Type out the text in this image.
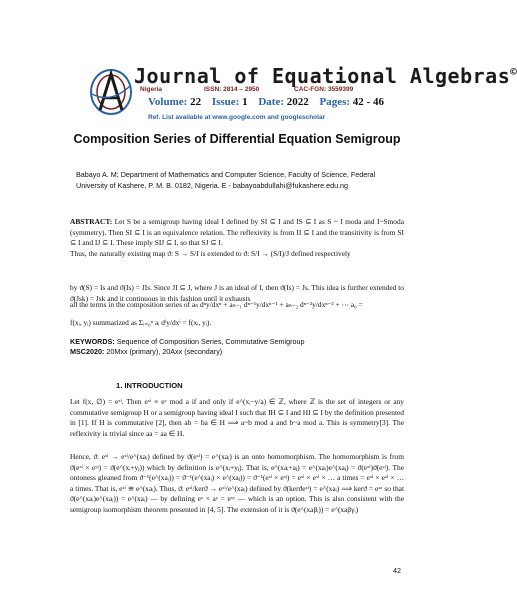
Journal of Equational Algebras©
Nigeria	ISSN: 2814 – 2950	CAC-FGN: 3559399
Volume: 22 Issue: 1 Date: 2022 Pages: 42 - 46
Ref. List available at www.google.com and googlescholar
Composition Series of Differential Equation Semigroup
Babayo A. M; Department of Mathematics and Computer Science, Faculty of Science, Federal
University of Kashere, P. M. B. 0182, Nigeria. E - babayoabdullahi@fukashere.edu.ng
ABSTRACT: Let S be a semigroup having ideal I defined by SI ⊆ I and IS ⊆ I as S ~ I moda and I~Smoda (symmetry). Then SI ⊆ I is an equivalence relation. The reflexivity is from II ⊆ I and the transitivity is from SI ⊆ I and IJ ⊆ I. These imply SIJ ⊆ I, so that SJ ⊆ I.
Thus, the naturally existing map ϑ: S → S/I is extended to ϑ: S/I → (S/I)/J defined respectively
by ϑ(S) = Is and ϑ(Is) = JIs. Since JI ⊆ J, where J is an ideal of I, then ϑ(Is) = Js. This idea is further extended to ϑ(Jsk) = Jsk and it continuous in this fashion until it exhausts
all the terms in the composition series of aₙ dⁿy/dxⁿ + aₙ₋₁ dⁿ⁻¹y/dxⁿ⁻¹ + aₙ₋₂ dⁿ⁻²y/dxⁿ⁻² + ⋯ a₀ =
f(xᵢ, yᵢ) summarized as Σᵢ₌₀ⁿ aᵢ dⁱy/dxⁱ = f(xᵢ, yᵢ).
KEYWORDS: Sequence of Composition Series, Commutative Semigroup
MSC2020: 20Mxx (primary), 20Axx (secondary)
1. INTRODUCTION
Let f(x, ∅) = eˣⁱ. Then eˣⁱ ≡ eʸ mod a if and only if e^(xᵢ−y/a) ∈ ℤ, where ℤ is the set of integers or any commutative semigroup H or a semigroup having ideal I such that IH ⊆ I and HI ⊆ I by the definition presented in [1]. If H is commutative [2], then ab = ba ∈ H ⟹ a~b mod a and b~a mod a. This is symmetry[3]. The reflexivity is trivial since aa = aa ∈ H.
Hence, ϑ: eˣⁱ → eˣⁱ/e^(xaᵢ) defined by ϑ(eˣⁱ) = e^(xaᵢ) is an onto homomorphism. The homomorphism is from ϑ(eˣⁱ × eʸʲ) = ϑ(e^(xᵢ+yⱼ)) which by definition is e^(xᵢ+yⱼ). That is, e^(xaᵢ+aⱼ) = e^(xaᵢ)e^(xaⱼ) = ϑ(eˣⁱ)ϑ(eʸʲ). The ontoness gleaned from ϑ⁻¹(e^(xaᵢ)) = ϑ⁻¹(e^(xaᵢ) × e^(xaⱼ)) = ϑ⁻¹(eˣⁱ × eˣʲ) = eˣⁱ × eˣⁱ × … a times = eˣⁱ × eˣⁱ × … a times. That is, eˣⁱ ≅ e^(xaᵢ). Thus, ϑ: eˣⁱ/kerϑ → eˣⁱ/e^(xaᵢ) defined by ϑ(kerϑeˣⁱ) = e^(xaᵢ) ⟹ kerϑ = eˣᵃ so that ϑ(e^(xaᵢ)e^(xaᵢ)) = e^(xaᵢ) — by defining eˣ × aʸ = eˣʸ — which is an option. This is also consistent with the semigroup isomorphism theorem presented in [4, 5]. The extension of it is ϑ(e^(xaβᵢ)) = e^(xaβγᵢ)
42
